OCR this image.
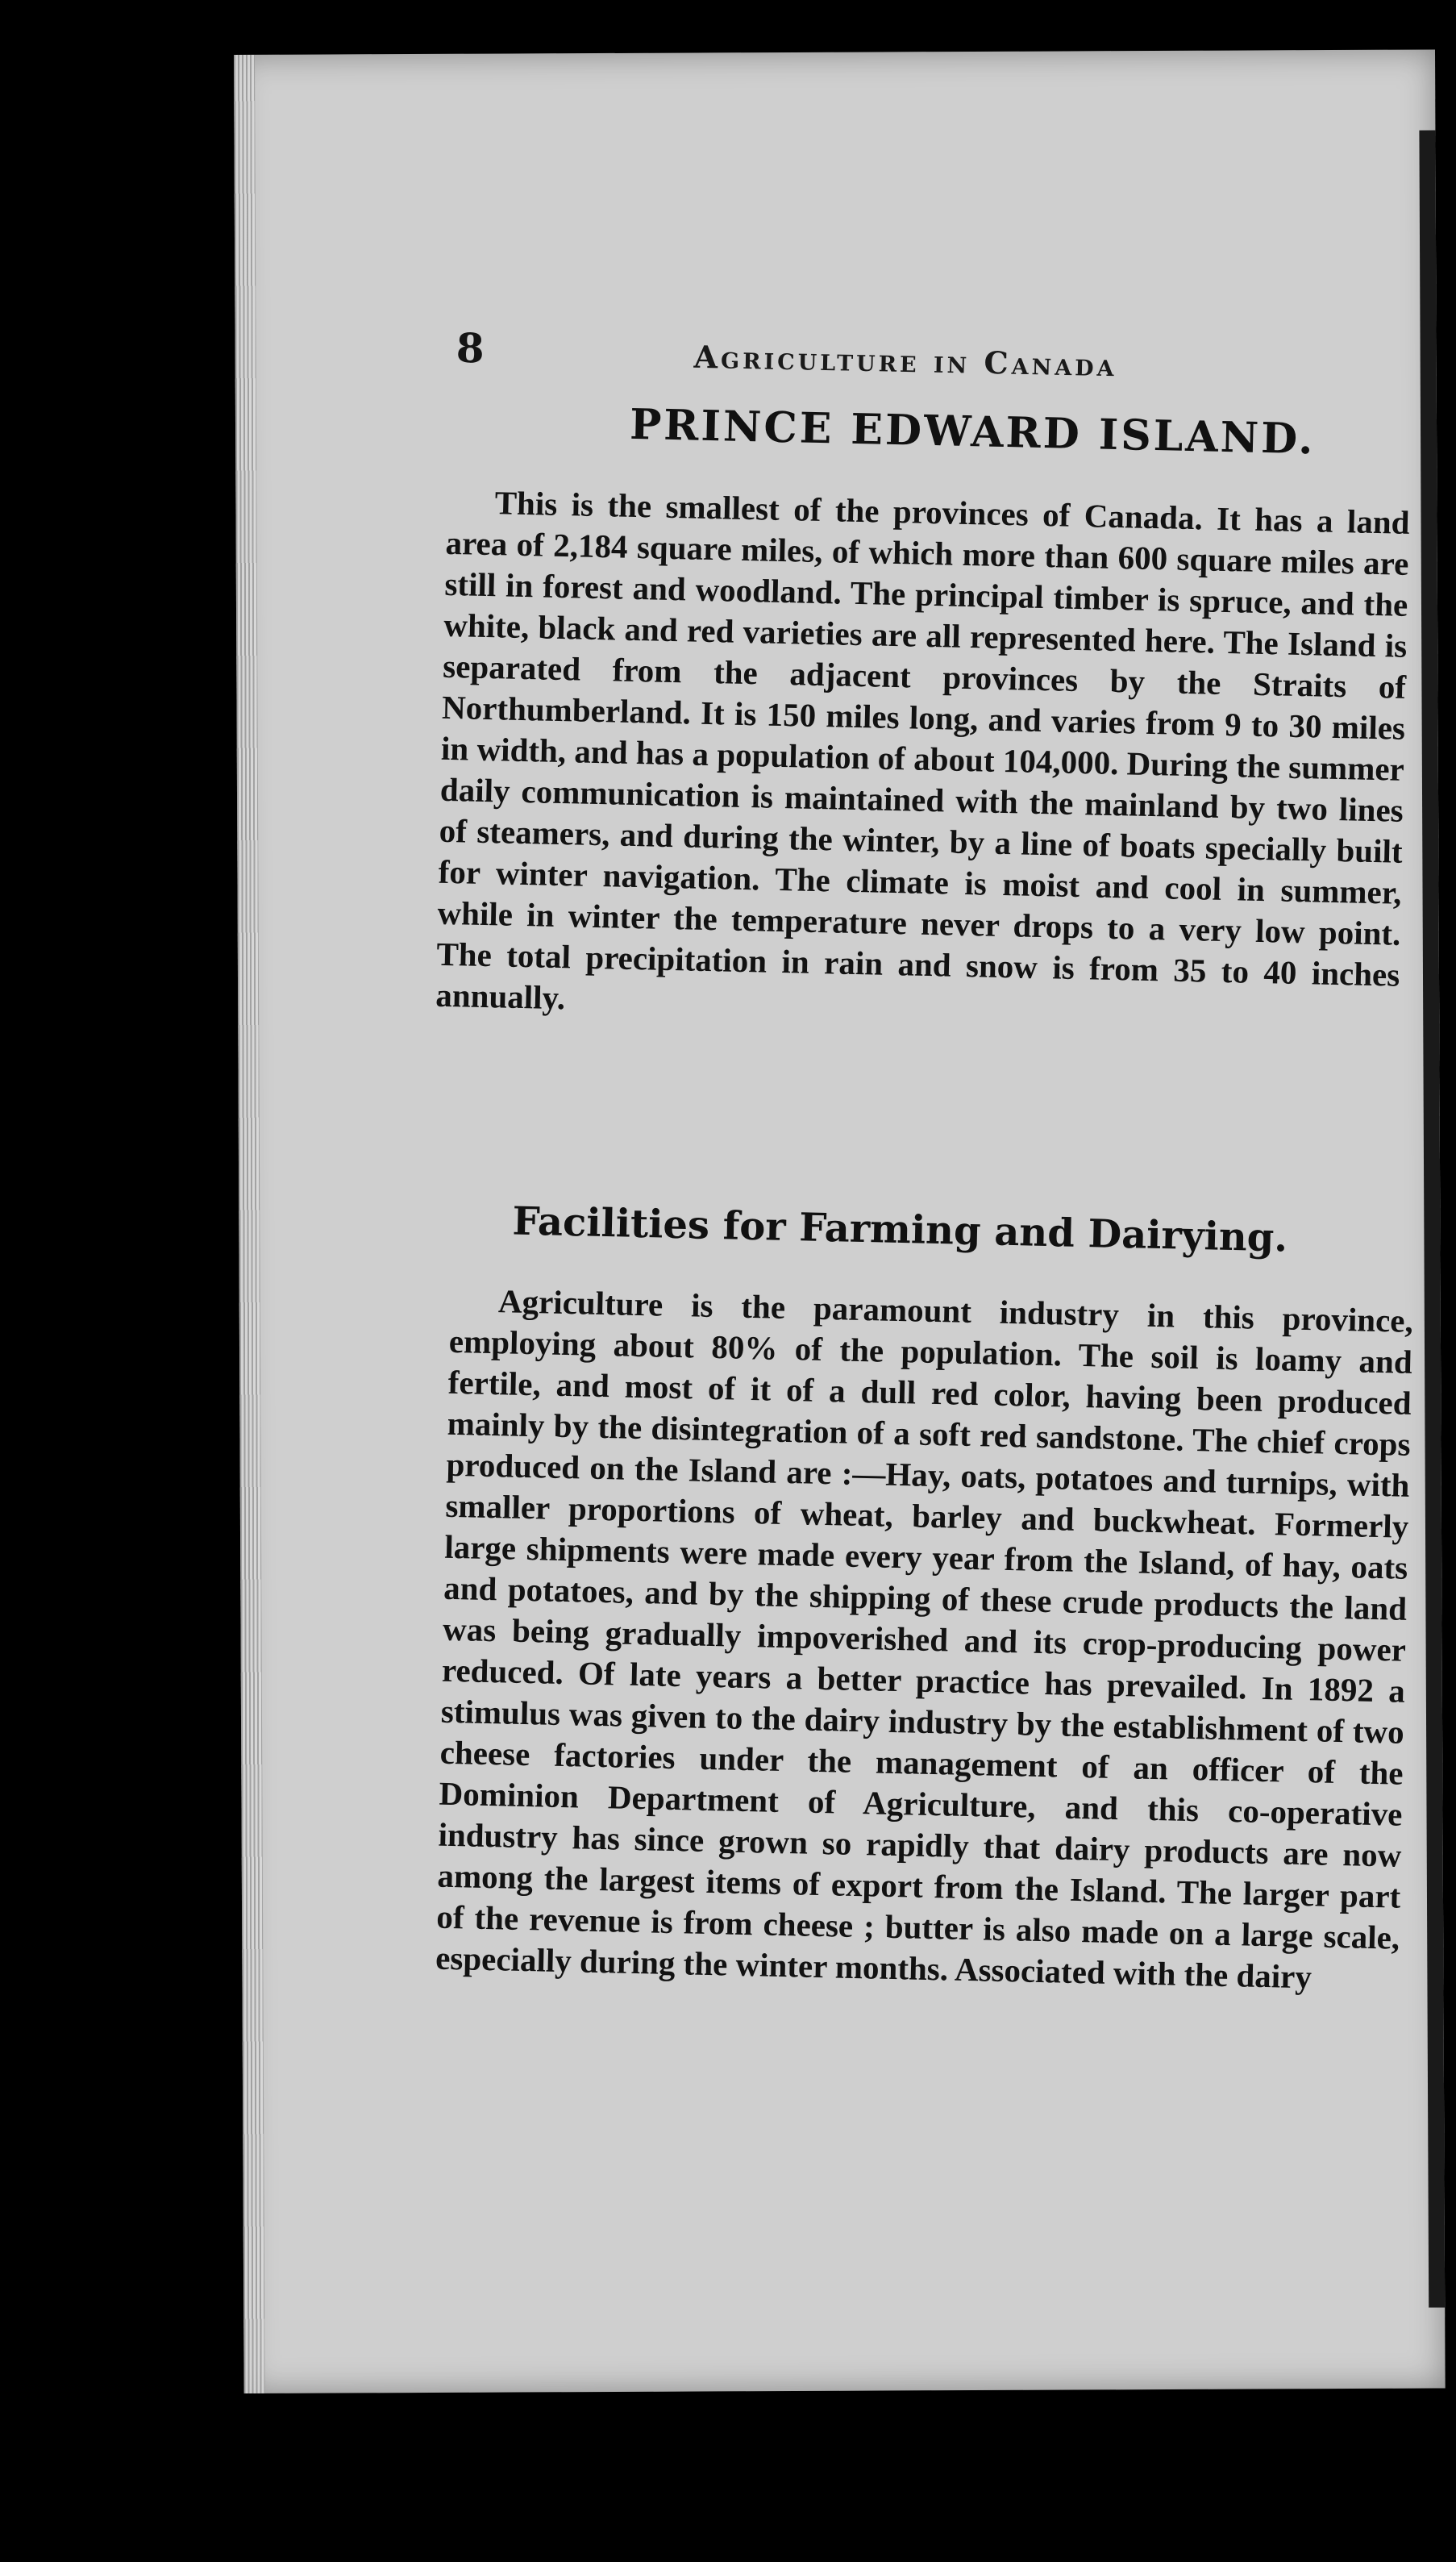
8	Agriculture in Canada
PRINCE EDWARD ISLAND.

This is the smallest of the provinces of Canada. It has a land area of 2,184 square miles, of which more than 600 square miles are still in forest and woodland. The principal timber is spruce, and the white, black and red varieties are all represented here. The Island is separated from the adjacent provinces by the Straits of Northumberland. It is 150 miles long, and varies from 9 to 30 miles in width, and has a population of about 104,000. During the summer daily communication is maintained with the mainland by two lines of steamers, and during the winter, by a line of boats specially built for winter navigation. The climate is moist and cool in summer, while in winter the temperature never drops to a very low point. The total precipitation in rain and snow is from 35 to 40 inches annually.

Facilities for Farming and Dairying.

Agriculture is the paramount industry in this province, employing about 80% of the population. The soil is loamy and fertile, and most of it of a dull red color, having been produced mainly by the disintegration of a soft red sandstone. The chief crops produced on the Island are :—Hay, oats, potatoes and turnips, with smaller proportions of wheat, barley and buckwheat. Formerly large shipments were made every year from the Island, of hay, oats and potatoes, and by the shipping of these crude products the land was being gradually impoverished and its crop-producing power reduced. Of late years a better practice has prevailed. In 1892 a stimulus was given to the dairy industry by the establishment of two cheese factories under the management of an officer of the Dominion Department of Agriculture, and this co-operative industry has since grown so rapidly that dairy products are now among the largest items of export from the Island. The larger part of the revenue is from cheese ; butter is also made on a large scale, especially during the winter months. Associated with the dairy
